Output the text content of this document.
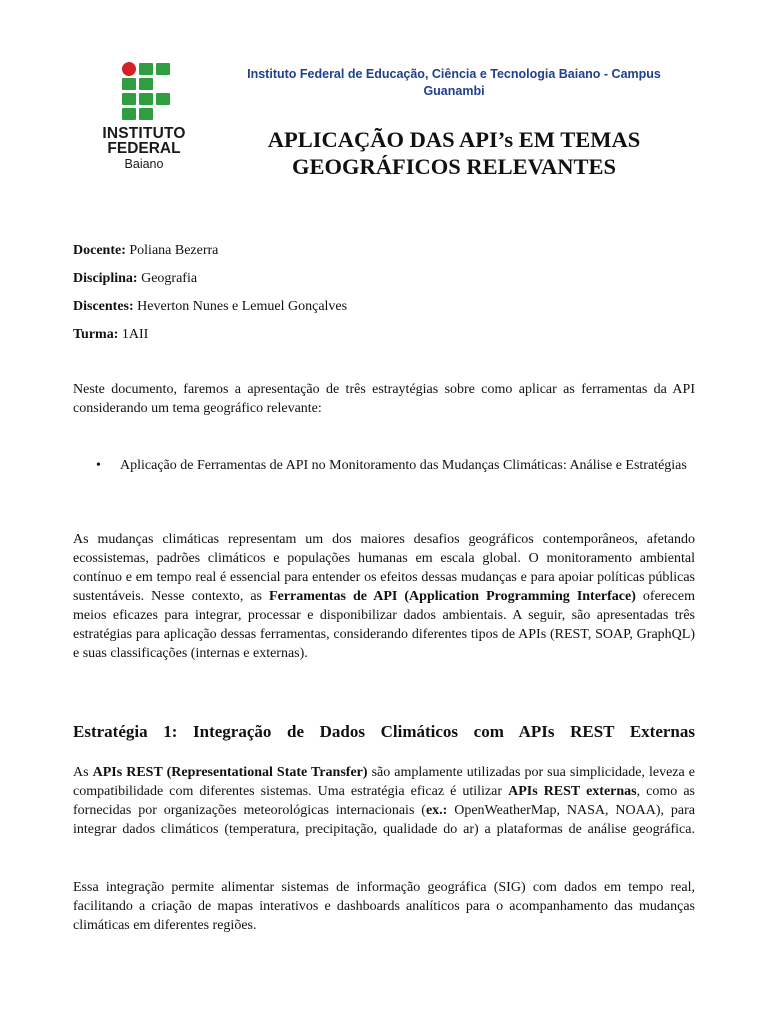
INSTITUTO
FEDERAL
Baiano
Instituto Federal de Educação, Ciência e Tecnologia Baiano - Campus Guanambi
APLICAÇÃO DAS API’s EM TEMAS GEOGRÁFICOS RELEVANTES
Docente: Poliana Bezerra
Disciplina: Geografia
Discentes: Heverton Nunes e Lemuel Gonçalves
Turma: 1AII

Neste documento, faremos a apresentação de três estraytégias sobre como aplicar as ferramentas da API considerando um tema geográfico relevante:

• Aplicação de Ferramentas de API no Monitoramento das Mudanças Climáticas: Análise e Estratégias

As mudanças climáticas representam um dos maiores desafios geográficos contemporâneos, afetando ecossistemas, padrões climáticos e populações humanas em escala global. O monitoramento ambiental contínuo e em tempo real é essencial para entender os efeitos dessas mudanças e para apoiar políticas públicas sustentáveis. Nesse contexto, as Ferramentas de API (Application Programming Interface) oferecem meios eficazes para integrar, processar e disponibilizar dados ambientais. A seguir, são apresentadas três estratégias para aplicação dessas ferramentas, considerando diferentes tipos de APIs (REST, SOAP, GraphQL) e suas classificações (internas e externas).

Estratégia 1: Integração de Dados Climáticos com APIs REST Externas

As APIs REST (Representational State Transfer) são amplamente utilizadas por sua simplicidade, leveza e compatibilidade com diferentes sistemas. Uma estratégia eficaz é utilizar APIs REST externas, como as fornecidas por organizações meteorológicas internacionais (ex.: OpenWeatherMap, NASA, NOAA), para integrar dados climáticos (temperatura, precipitação, qualidade do ar) a plataformas de análise geográfica.

Essa integração permite alimentar sistemas de informação geográfica (SIG) com dados em tempo real, facilitando a criação de mapas interativos e dashboards analíticos para o acompanhamento das mudanças climáticas em diferentes regiões.
